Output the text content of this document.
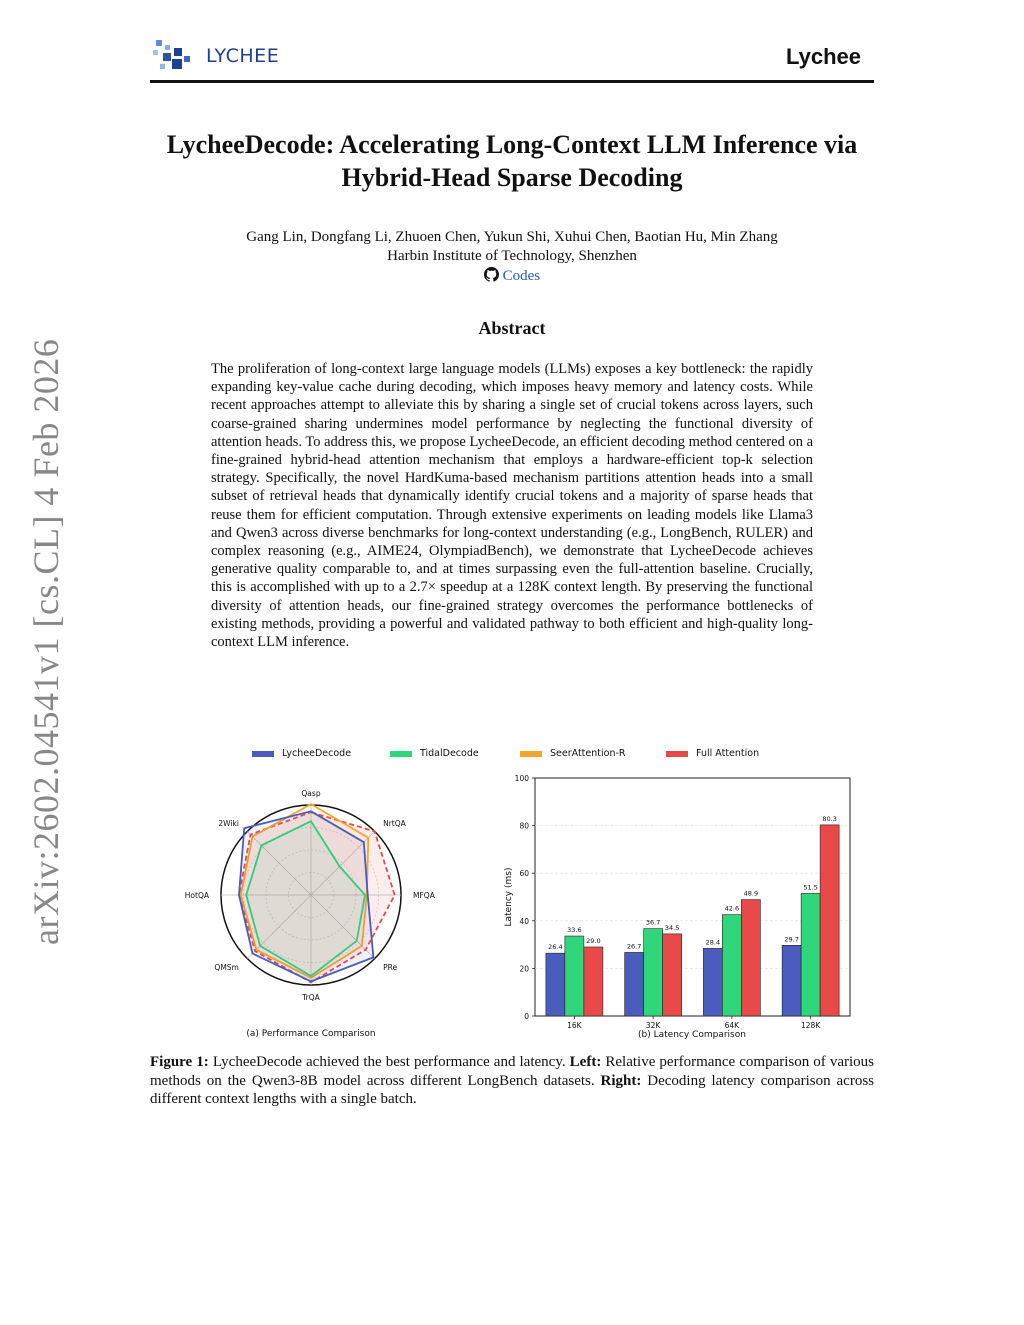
LYCHEE	Lychee
LycheeDecode: Accelerating Long-Context LLM Inference via Hybrid-Head Sparse Decoding
Gang Lin, Dongfang Li, Zhuoen Chen, Yukun Shi, Xuhui Chen, Baotian Hu, Min Zhang
Harbin Institute of Technology, Shenzhen
Codes
Abstract
The proliferation of long-context large language models (LLMs) exposes a key bottleneck: the rapidly expanding key-value cache during decoding, which imposes heavy memory and latency costs. While recent approaches attempt to alleviate this by sharing a single set of crucial tokens across layers, such coarse-grained sharing undermines model performance by neglecting the functional diversity of attention heads. To address this, we propose LycheeDecode, an efficient decoding method centered on a fine-grained hybrid-head attention mechanism that employs a hardware-efficient top-k selection strategy. Specifically, the novel HardKuma-based mechanism partitions attention heads into a small subset of retrieval heads that dynamically identify crucial tokens and a majority of sparse heads that reuse them for efficient computation. Through extensive experiments on leading models like Llama3 and Qwen3 across diverse benchmarks for long-context understanding (e.g., LongBench, RULER) and complex reasoning (e.g., AIME24, OlympiadBench), we demonstrate that LycheeDecode achieves generative quality comparable to, and at times surpassing even the full-attention baseline. Crucially, this is accomplished with up to a 2.7× speedup at a 128K context length. By preserving the functional diversity of attention heads, our fine-grained strategy overcomes the performance bottlenecks of existing methods, providing a powerful and validated pathway to both efficient and high-quality long-context LLM inference.
arXiv:2602.04541v1 [cs.CL] 4 Feb 2026	LycheeDecode	TidalDecode	SeerAttention-R	Full Attention
Qasp
NrtQA
MFQA
PRe
TrQA
QMSm
HotQA
2Wiki
(a) Performance Comparison
26.4
33.6
29.0
26.7
36.7
34.5
28.4
42.6
48.9
29.7
51.5
80.3
0
20
40
60
80
100
16K	32K	64K	128K
Latency (ms)
(b) Latency Comparison
Figure 1: LycheeDecode achieved the best performance and latency. Left: Relative performance comparison of various methods on the Qwen3-8B model across different LongBench datasets. Right: Decoding latency comparison across different context lengths with a single batch.
